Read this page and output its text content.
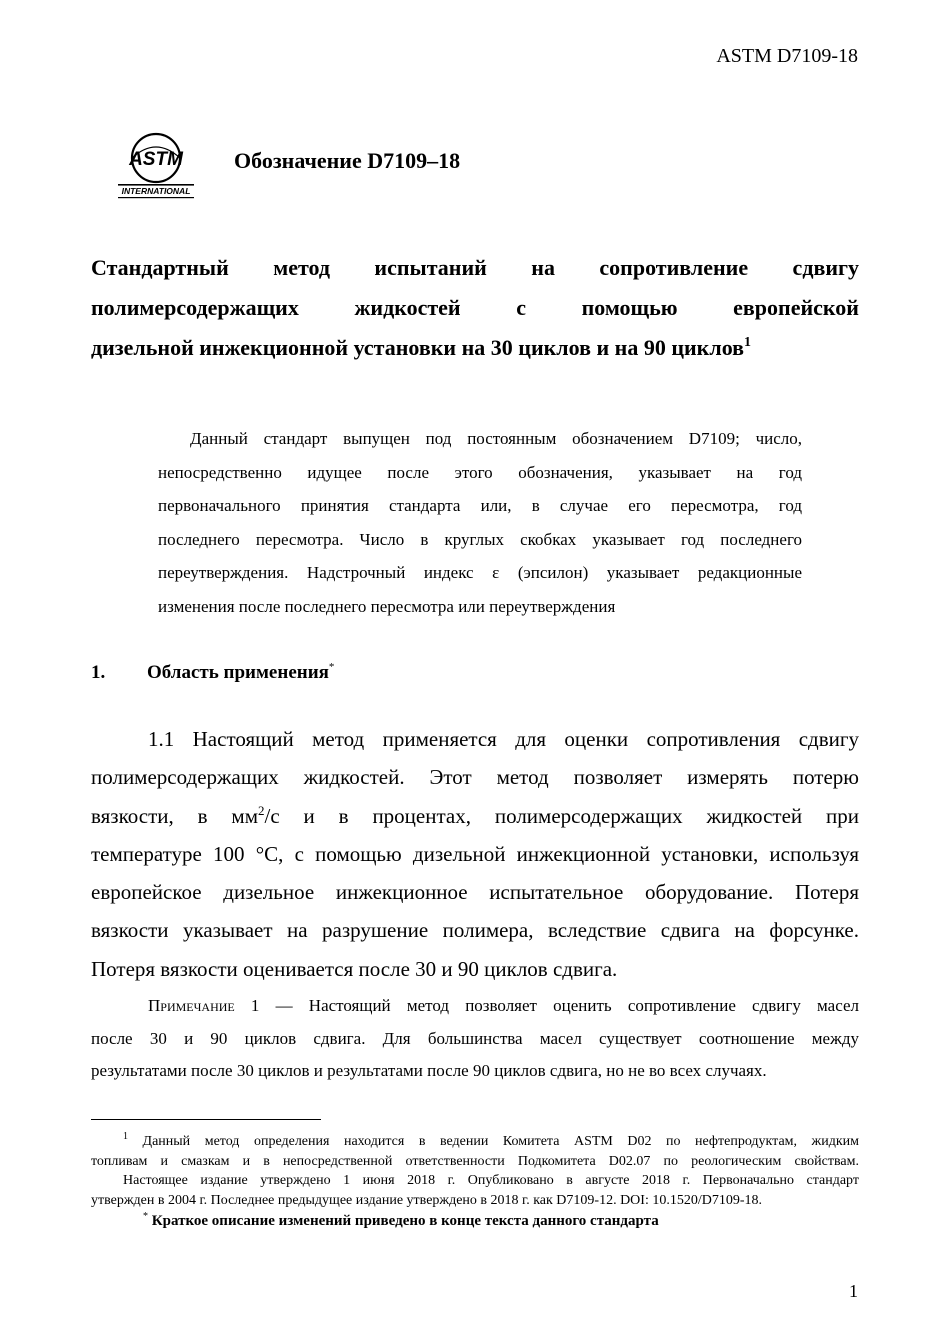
ASTM D7109-18
ASTM
INTERNATIONAL
Обозначение D7109–18
Стандартный метод испытаний на сопротивление сдвигу
полимерсодержащих жидкостей с помощью европейской
дизельной инжекционной установки на 30 циклов и на 90 циклов$^1$
Данный стандарт выпущен под постоянным обозначением D7109; число,
непосредственно идущее после этого обозначения, указывает на год
первоначального принятия стандарта или, в случае его пересмотра, год
последнего пересмотра. Число в круглых скобках указывает год последнего
переутверждения. Надстрочный индекс ε (эпсилон) указывает редакционные
изменения после последнего пересмотра или переутверждения
1. Область применения*
1.1 Настоящий метод применяется для оценки сопротивления сдвигу
полимерсодержащих жидкостей. Этот метод позволяет измерять потерю
вязкости, в $мм^2/с$ и в процентах, полимерсодержащих жидкостей при
температуре 100 °C, с помощью дизельной инжекционной установки, используя
европейское дизельное инжекционное испытательное оборудование. Потеря
вязкости указывает на разрушение полимера, вследствие сдвига на форсунке.
Потеря вязкости оценивается после 30 и 90 циклов сдвига.
Примечание 1 — Настоящий метод позволяет оценить сопротивление сдвигу масел
после 30 и 90 циклов сдвига. Для большинства масел существует соотношение между
результатами после 30 циклов и результатами после 90 циклов сдвига, но не во всех случаях.
$^1$ Данный метод определения находится в ведении Комитета ASTM D02 по нефтепродуктам, жидким
топливам и смазкам и в непосредственной ответственности Подкомитета D02.07 по реологическим свойствам.
Настоящее издание утверждено 1 июня 2018 г. Опубликовано в августе 2018 г. Первоначально стандарт
утвержден в 2004 г. Последнее предыдущее издание утверждено в 2018 г. как D7109-12. DOI: 10.1520/D7109-18.
* Краткое описание изменений приведено в конце текста данного стандарта
1
